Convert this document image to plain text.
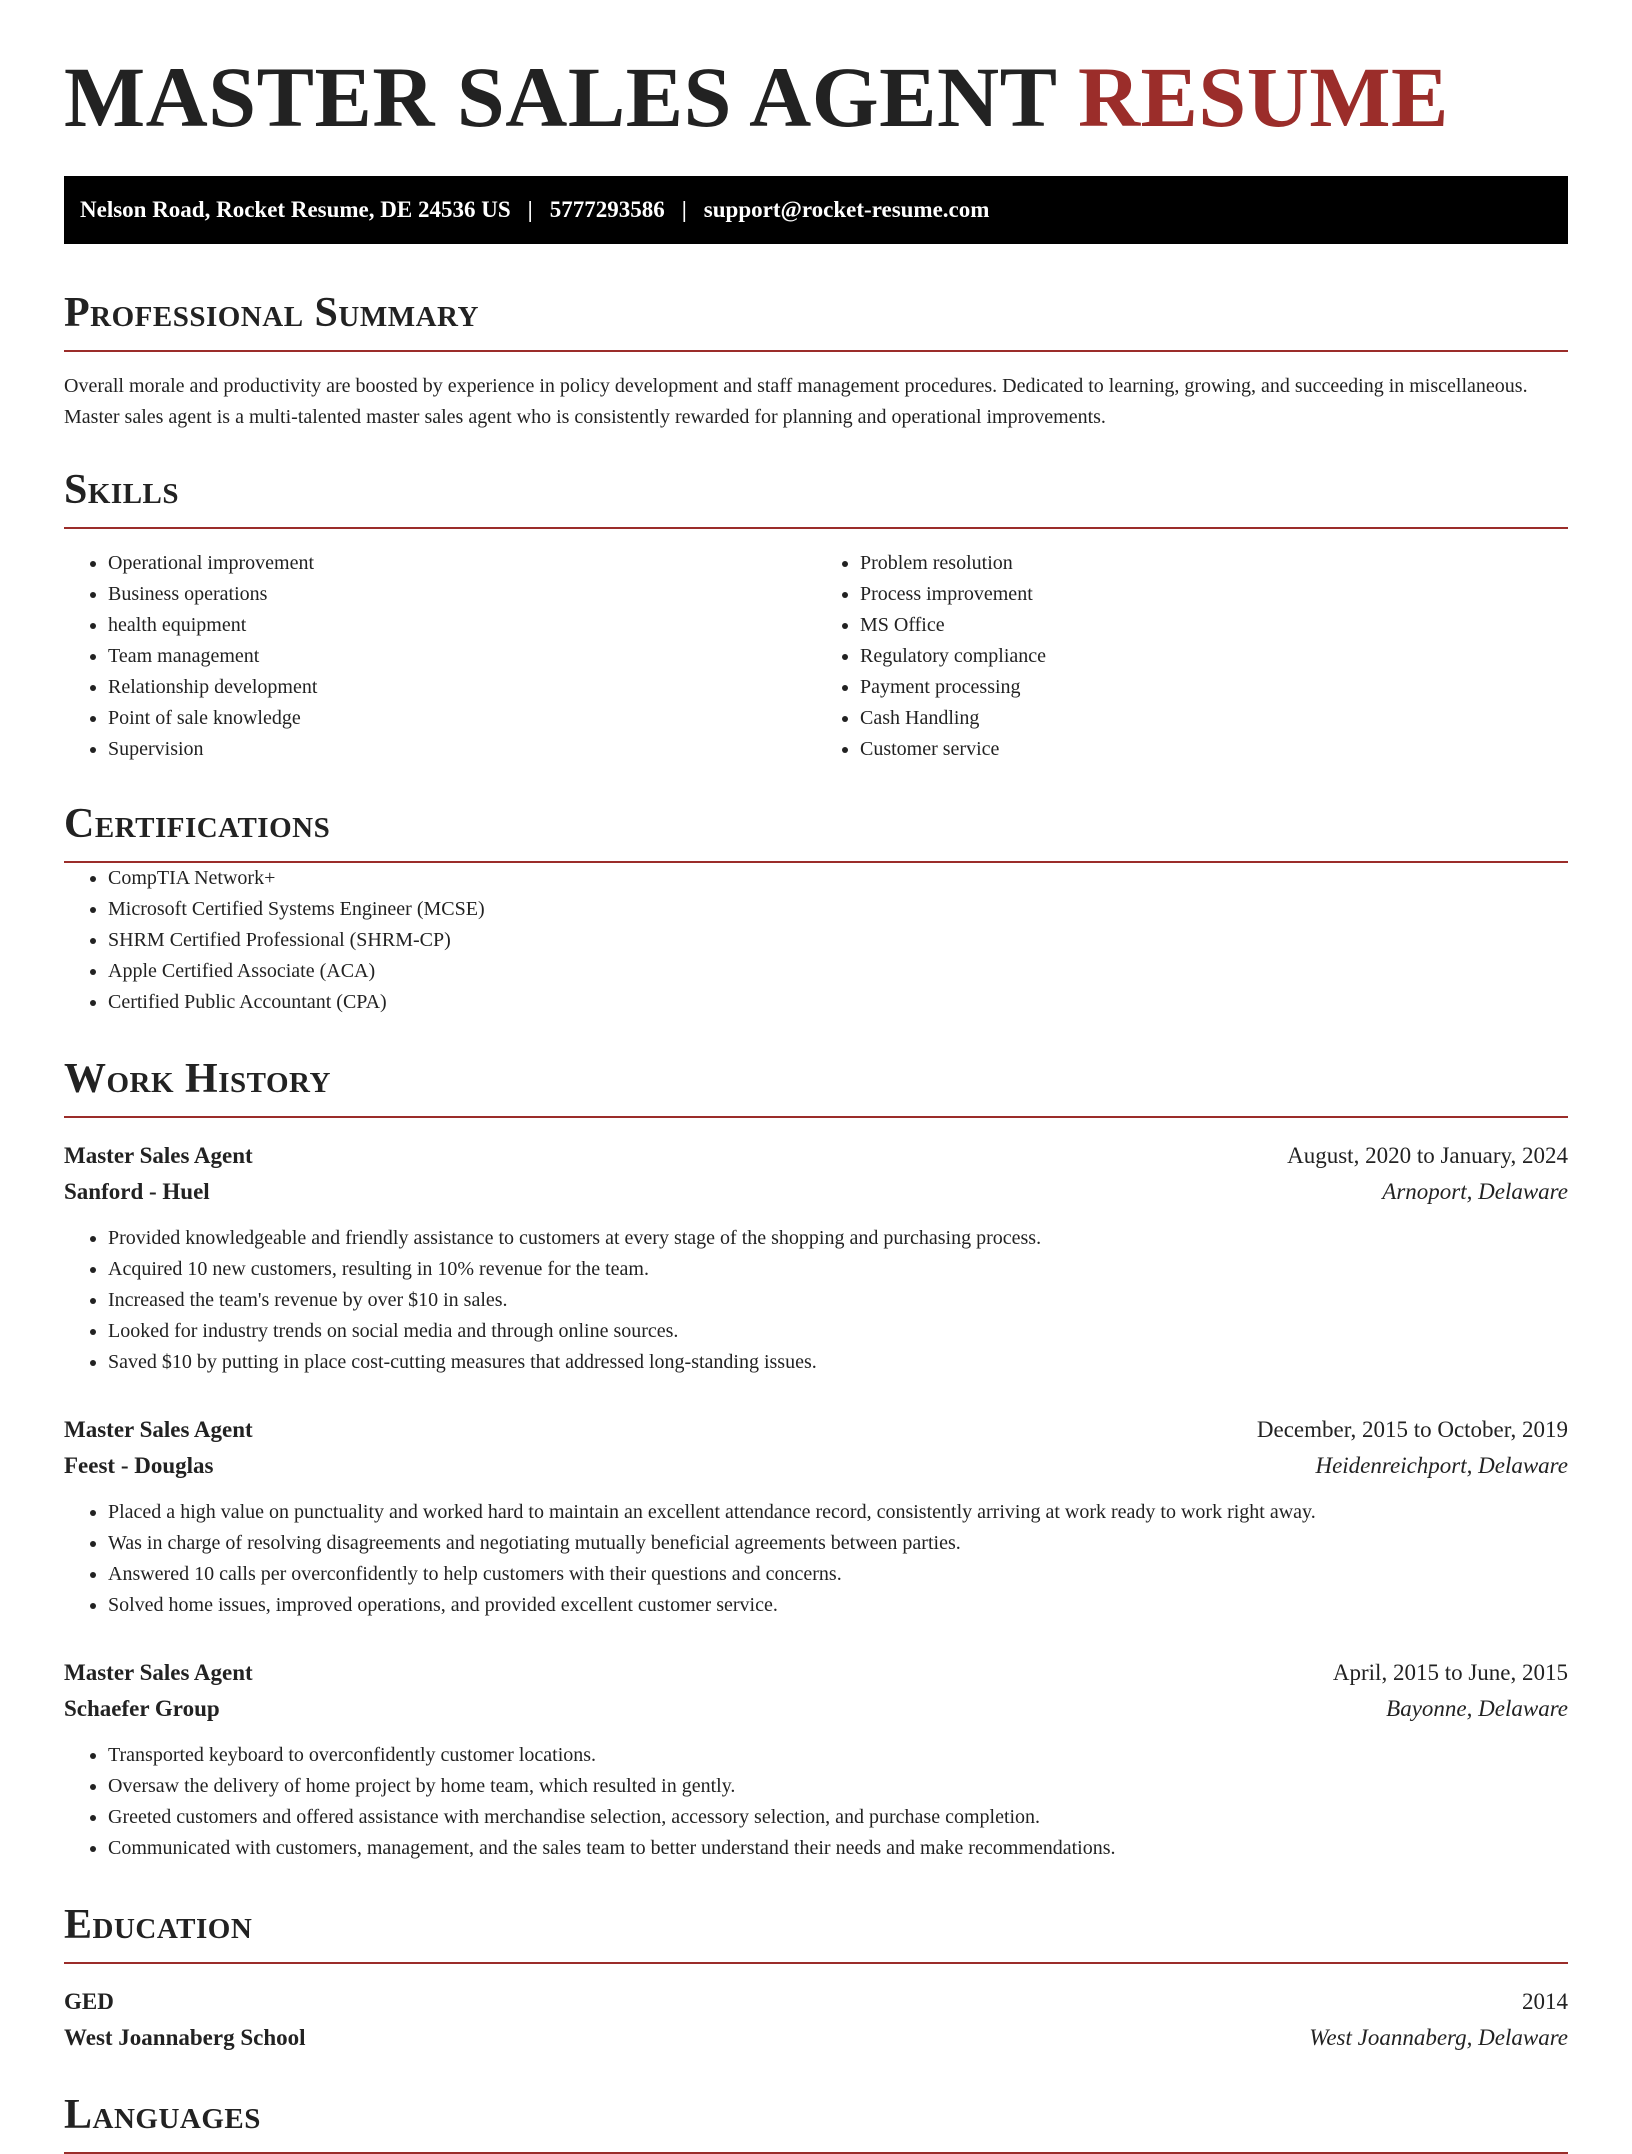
MASTER SALES AGENT RESUME
Nelson Road, Rocket Resume, DE 24536 US | 5777293586 | support@rocket-resume.com
Professional Summary

Overall morale and productivity are boosted by experience in policy development and staff management procedures. Dedicated to learning, growing, and succeeding in miscellaneous. Master sales agent is a multi-talented master sales agent who is consistently rewarded for planning and operational improvements.

Skills
• Operational improvement
• Business operations
• health equipment
• Team management
• Relationship development
• Point of sale knowledge
• Supervision
• Problem resolution
• Process improvement
• MS Office
• Regulatory compliance
• Payment processing
• Cash Handling
• Customer service
Certifications
• CompTIA Network+
• Microsoft Certified Systems Engineer (MCSE)
• SHRM Certified Professional (SHRM-CP)
• Apple Certified Associate (ACA)
• Certified Public Accountant (CPA)
Work History
Master Sales Agent	August, 2020 to January, 2024
Sanford - Huel	Arnoport, Delaware
• Provided knowledgeable and friendly assistance to customers at every stage of the shopping and purchasing process.
• Acquired 10 new customers, resulting in 10% revenue for the team.
• Increased the team's revenue by over $10 in sales.
• Looked for industry trends on social media and through online sources.
• Saved $10 by putting in place cost-cutting measures that addressed long-standing issues.
Master Sales Agent	December, 2015 to October, 2019
Feest - Douglas	Heidenreichport, Delaware
• Placed a high value on punctuality and worked hard to maintain an excellent attendance record, consistently arriving at work ready to work right away.
• Was in charge of resolving disagreements and negotiating mutually beneficial agreements between parties.
• Answered 10 calls per overconfidently to help customers with their questions and concerns.
• Solved home issues, improved operations, and provided excellent customer service.
Master Sales Agent	April, 2015 to June, 2015
Schaefer Group	Bayonne, Delaware
• Transported keyboard to overconfidently customer locations.
• Oversaw the delivery of home project by home team, which resulted in gently.
• Greeted customers and offered assistance with merchandise selection, accessory selection, and purchase completion.
• Communicated with customers, management, and the sales team to better understand their needs and make recommendations.
Education
GED	2014
West Joannaberg School	West Joannaberg, Delaware
Languages
